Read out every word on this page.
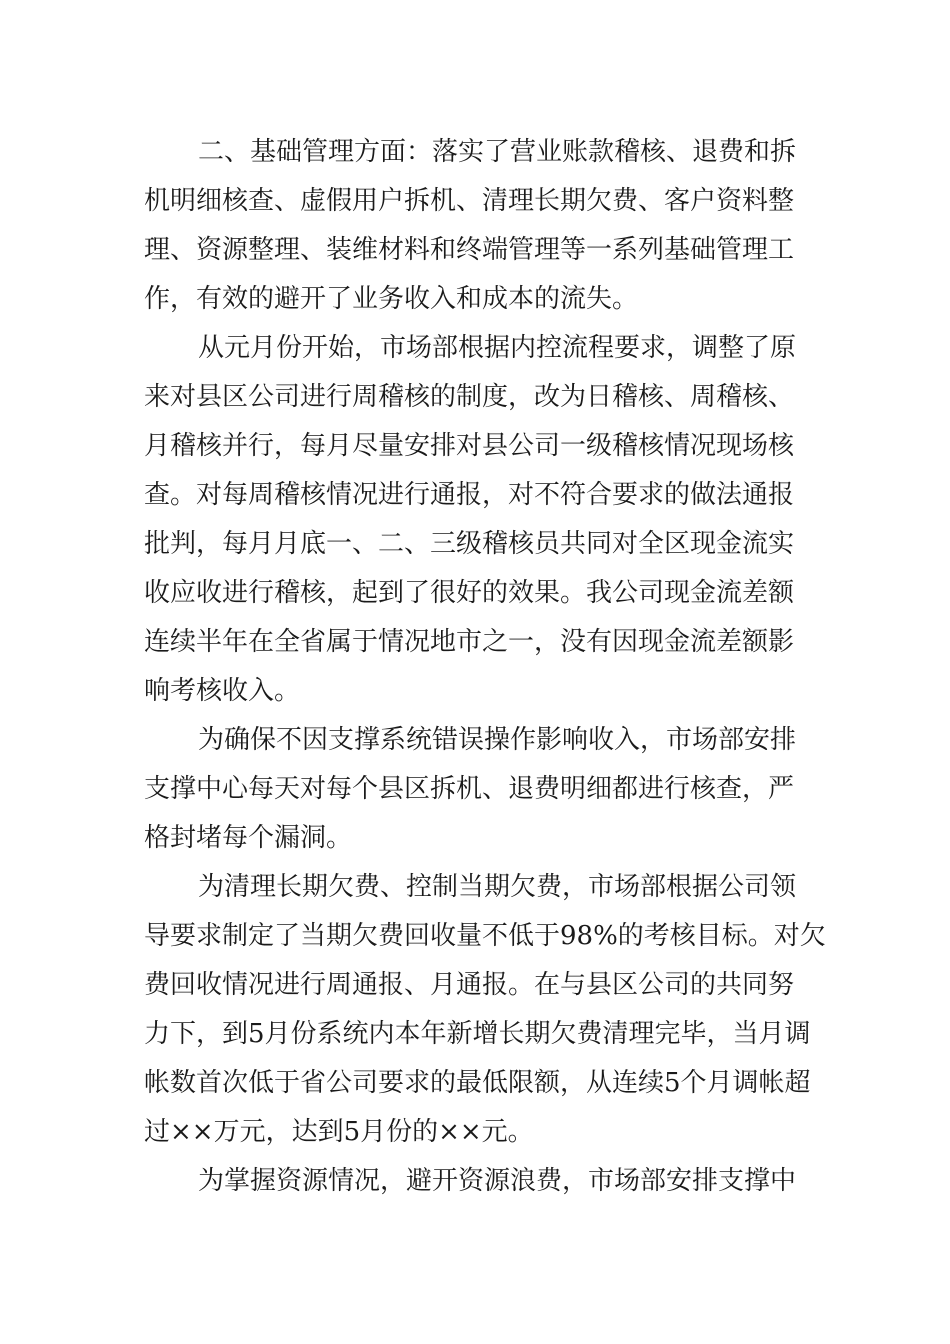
二、基础管理方面：落实了营业账款稽核、退费和拆
机明细核查、虚假用户拆机、清理长期欠费、客户资料整
理、资源整理、装维材料和终端管理等一系列基础管理工
作，有效的避开了业务收入和成本的流失。
从元月份开始，市场部根据内控流程要求，调整了原
来对县区公司进行周稽核的制度，改为日稽核、周稽核、
月稽核并行，每月尽量安排对县公司一级稽核情况现场核
查。对每周稽核情况进行通报，对不符合要求的做法通报
批判，每月月底一、二、三级稽核员共同对全区现金流实
收应收进行稽核，起到了很好的效果。我公司现金流差额
连续半年在全省属于情况地市之一，没有因现金流差额影
响考核收入。
为确保不因支撑系统错误操作影响收入，市场部安排
支撑中心每天对每个县区拆机、退费明细都进行核查，严
格封堵每个漏洞。
为清理长期欠费、控制当期欠费，市场部根据公司领
导要求制定了当期欠费回收量不低于98%的考核目标。对欠
费回收情况进行周通报、月通报。在与县区公司的共同努
力下，到5月份系统内本年新增长期欠费清理完毕，当月调
帐数首次低于省公司要求的最低限额，从连续5个月调帐超
过××万元，达到5月份的××元。
为掌握资源情况，避开资源浪费，市场部安排支撑中
